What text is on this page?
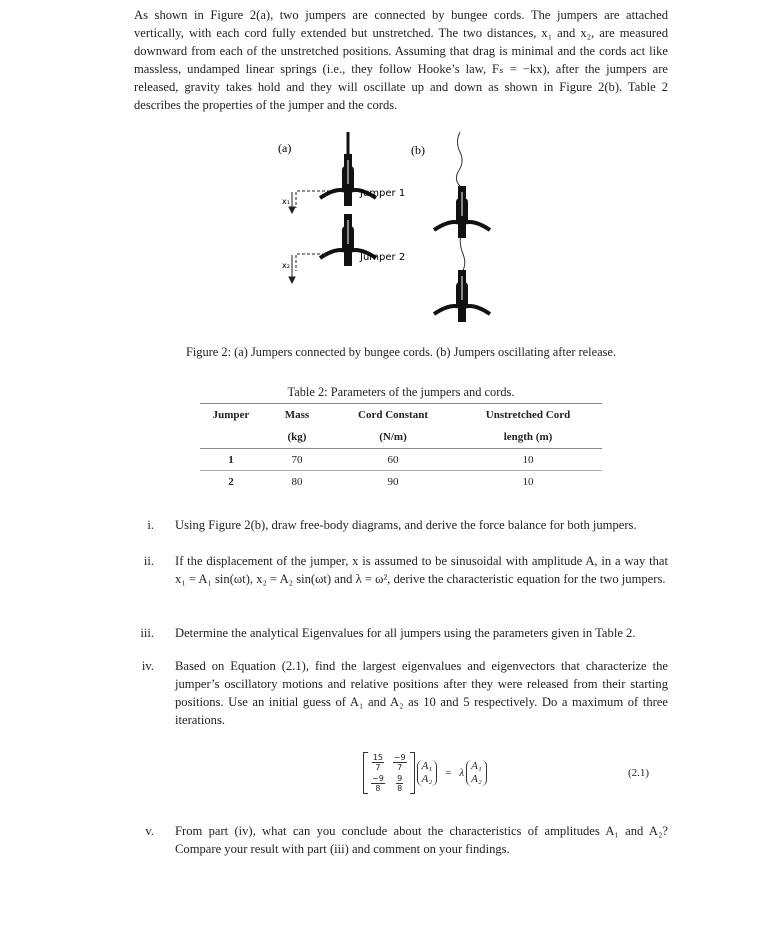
As shown in Figure 2(a), two jumpers are connected by bungee cords. The jumpers are attached vertically, with each cord fully extended but unstretched. The two distances, x₁ and x₂, are measured downward from each of the unstretched positions. Assuming that drag is minimal and the cords act like massless, undamped linear springs (i.e., they follow Hooke’s law, Fₛ = −kx), after the jumpers are released, gravity takes hold and they will oscillate up and down as shown in Figure 2(b). Table 2 describes the properties of the jumper and the cords.
(a)	(b)
Jumper 1
Jumper 2
x₁
x₂
Figure 2: (a) Jumpers connected by bungee cords. (b) Jumpers oscillating after release.
Table 2: Parameters of the jumpers and cords.
Jumper	Mass	Cord Constant	Unstretched Cord
	(kg)	(N/m)	length (m)
1	70	60	10
2	80	90	10
i. Using Figure 2(b), draw free-body diagrams, and derive the force balance for both jumpers.
ii. If the displacement of the jumper, x is assumed to be sinusoidal with amplitude A, in a way that x₁ = A₁ sin(ωt), x₂ = A₂ sin(ωt) and λ = ω², derive the characteristic equation for the two jumpers.
iii. Determine the analytical Eigenvalues for all jumpers using the parameters given in Table 2.
iv. Based on Equation (2.1), find the largest eigenvalues and eigenvectors that characterize the jumper’s oscillatory motions and relative positions after they were released from their starting positions. Use an initial guess of A₁ and A₂ as 10 and 5 respectively. Do a maximum of three iterations.
$\frac{15}{7}$
$\frac{-9}{8}$
$\frac{-9}{7}$
$\frac{9}{8}$
A₁
A₂ = λ
A₁
A₂	(2.1)
v. From part (iv), what can you conclude about the characteristics of amplitudes A₁ and A₂? Compare your result with part (iii) and comment on your findings.
